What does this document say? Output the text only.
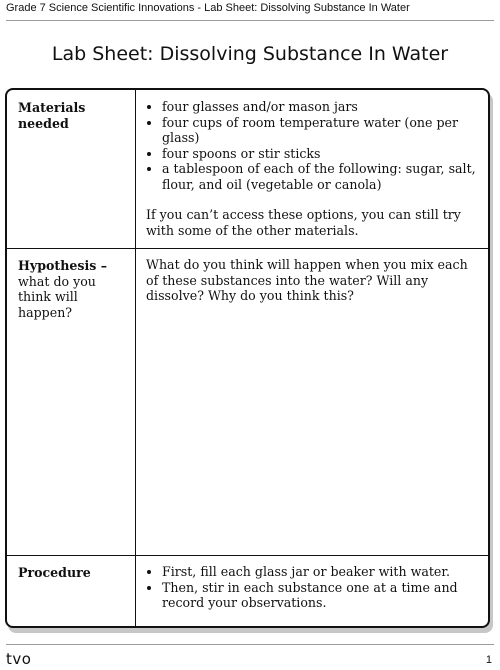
Grade 7 Science Scientific Innovations - Lab Sheet: Dissolving Substance In Water
Lab Sheet: Dissolving Substance In Water
Materials needed
• four glasses and/or mason jars
• four cups of room temperature water (one per glass)
• four spoons or stir sticks
• a tablespoon of each of the following: sugar, salt, flour, and oil (vegetable or canola)
If you can’t access these options, you can still try with some of the other materials.
Hypothesis – what do you think will happen?
What do you think will happen when you mix each of these substances into the water? Will any dissolve? Why do you think this?
Procedure
•	First, fill each glass jar or beaker with water.
• Then, stir in each substance one at a time and record your observations.
tvo	1
